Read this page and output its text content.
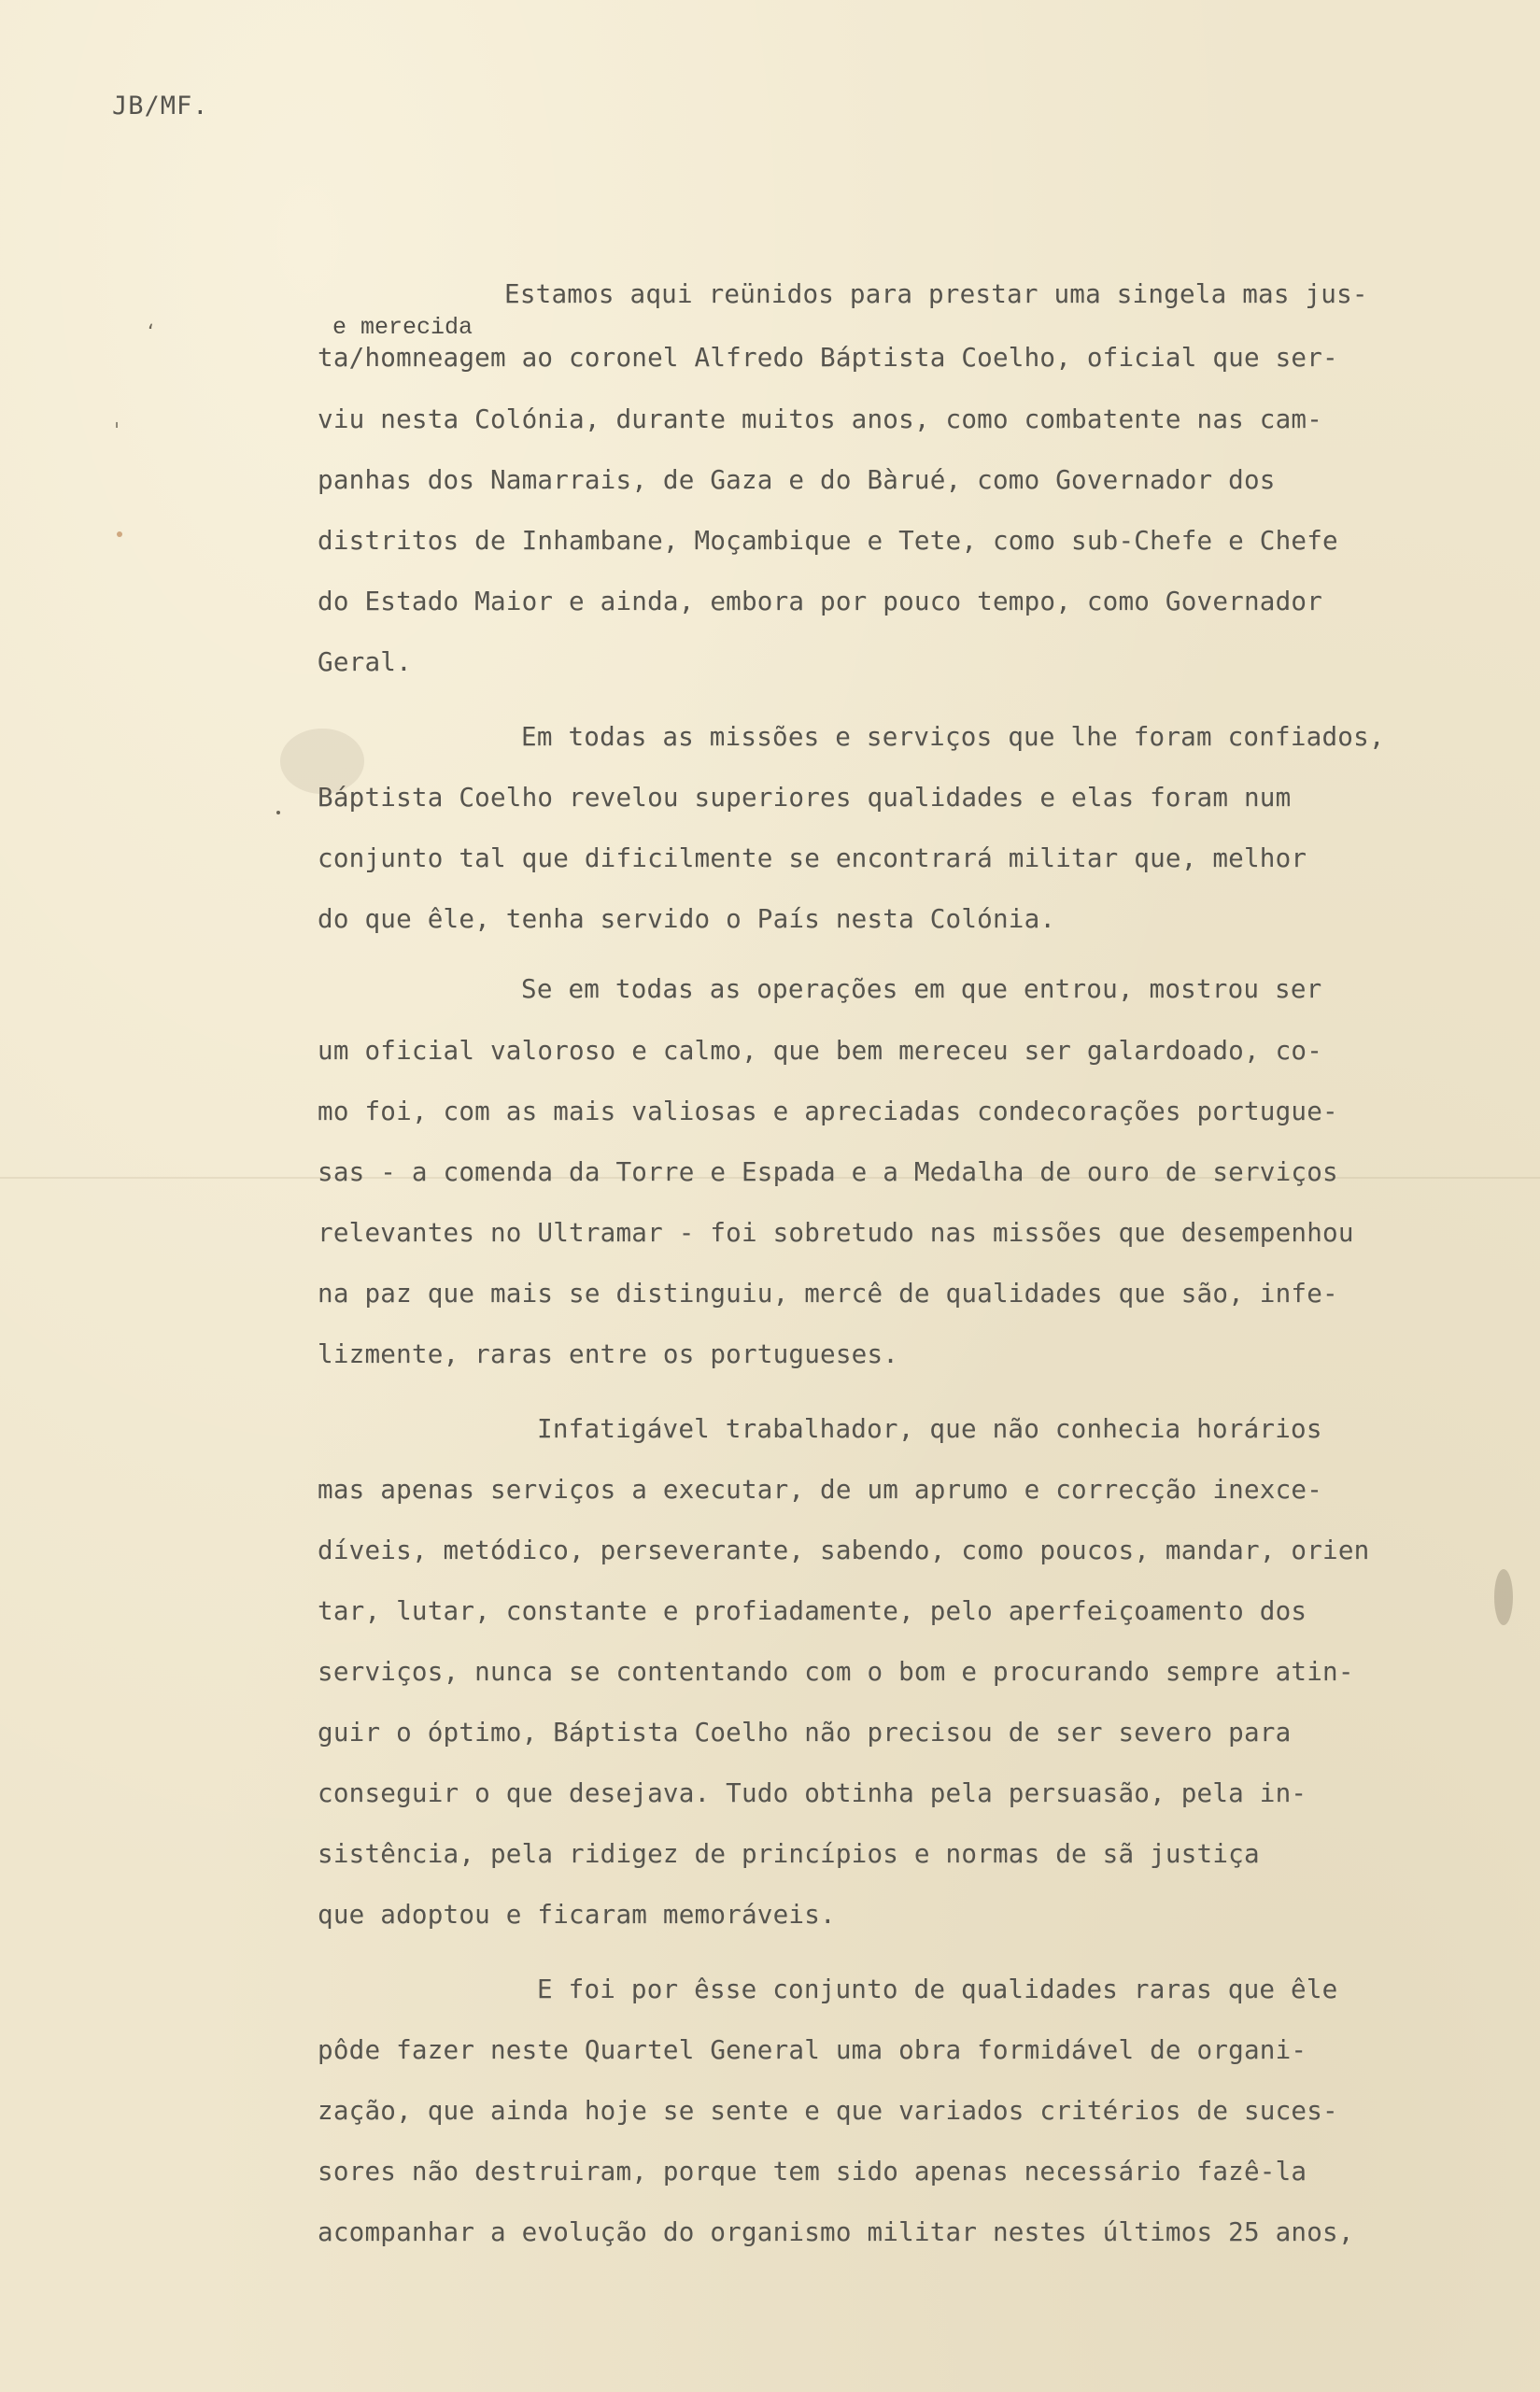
JB/MF.
e merecida
Estamos aqui reünidos para prestar uma singela mas jus-
ta/homneagem ao coronel Alfredo Báptista Coelho, oficial que ser-
viu nesta Colónia, durante muitos anos, como combatente nas cam-
panhas dos Namarrais, de Gaza e do Bàrué, como Governador dos
distritos de Inhambane, Moçambique e Tete, como sub-Chefe e Chefe
do Estado Maior e ainda, embora por pouco tempo, como Governador
Geral.
Em todas as missões e serviços que lhe foram confiados,
Báptista Coelho revelou superiores qualidades e elas foram num
conjunto tal que dificilmente se encontrará militar que, melhor
do que êle, tenha servido o País nesta Colónia.
Se em todas as operações em que entrou, mostrou ser
um oficial valoroso e calmo, que bem mereceu ser galardoado, co-
mo foi, com as mais valiosas e apreciadas condecorações portugue-
sas - a comenda da Torre e Espada e a Medalha de ouro de serviços
relevantes no Ultramar - foi sobretudo nas missões que desempenhou
na paz que mais se distinguiu, mercê de qualidades que são, infe-
lizmente, raras entre os portugueses.
Infatigável trabalhador, que não conhecia horários
mas apenas serviços a executar, de um aprumo e correcção inexce-
díveis, metódico, perseverante, sabendo, como poucos, mandar, orien
tar, lutar, constante e profiadamente, pelo aperfeiçoamento dos
serviços, nunca se contentando com o bom e procurando sempre atin-
guir o óptimo, Báptista Coelho não precisou de ser severo para
conseguir o que desejava. Tudo obtinha pela persuasão, pela in-
sistência, pela ridigez de princípios e normas de sã justiça
que adoptou e ficaram memoráveis.
E foi por êsse conjunto de qualidades raras que êle
pôde fazer neste Quartel General uma obra formidável de organi-
zação, que ainda hoje se sente e que variados critérios de suces-
sores não destruiram, porque tem sido apenas necessário fazê-la
acompanhar a evolução do organismo militar nestes últimos 25 anos,
ʻ
ˈ
